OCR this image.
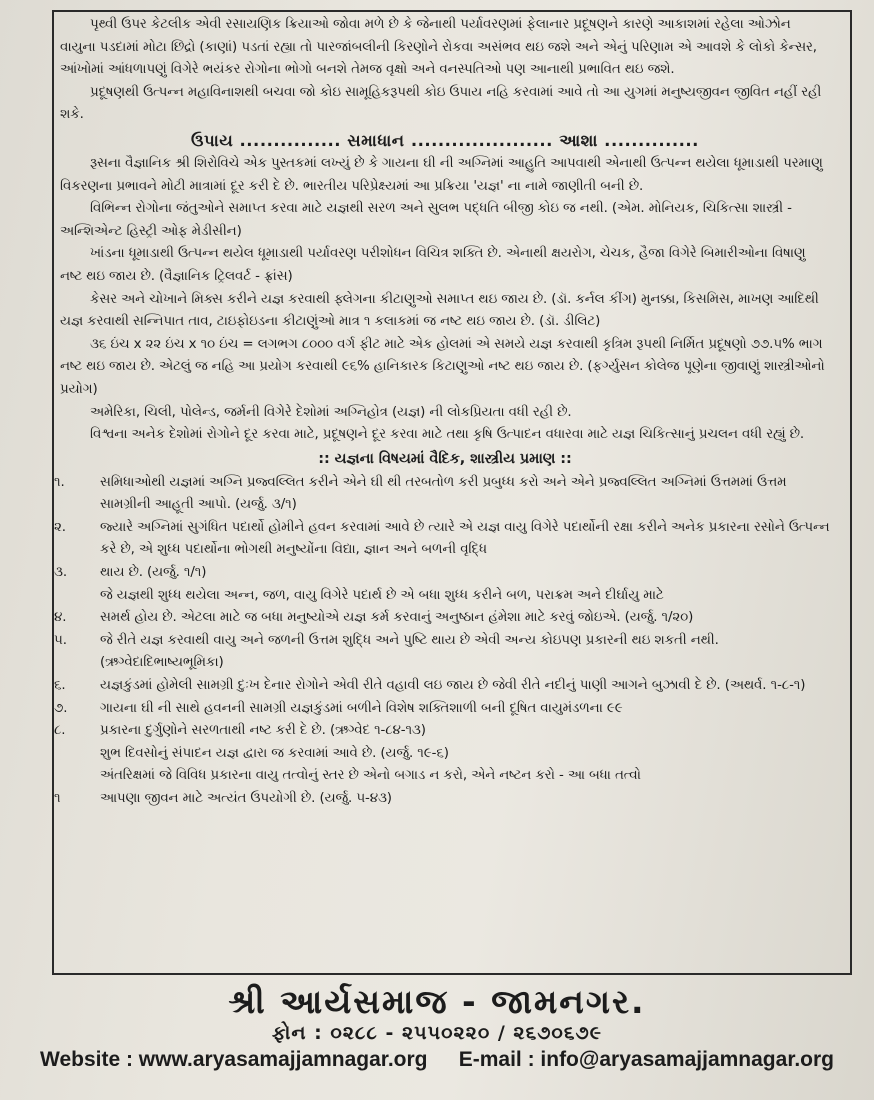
પૃથ્વી ઉપર કેટલીક એવી રસાયણિક ક્રિયાઓ જોવા મળે છે કે જેનાથી પર્યાવરણમાં ફેલાનાર પ્રદૂષણને કારણે આકાશમાં રહેલા ઓઝોન વાયુના પડદામાં મોટા છિદ્રો (કાણાં) પડતાં રહ્યા તો પારજાંબલીની કિરણોને રોકવા અસંભવ થઇ જશે અને એનું પરિણામ એ આવશે કે લોકો કેન્સર, આંખોમાં આંધળાપણું વિગેરે ભયંકર રોગોના ભોગો બનશે તેમજ વૃક્ષો અને વનસ્પતિઓ પણ આનાથી પ્રભાવિત થઇ જશે.

પ્રદૂષણથી ઉત્પન્ન મહાવિનાશથી બચવા જો કોઇ સામૂહિકરૂપથી કોઇ ઉપાય નહિ કરવામાં આવે તો આ યુગમાં મનુષ્યજીવન જીવિત નહીં રહી શકે.

ઉપાય ............... સમાધાન ..................... આશા ..............

રૂસના વૈજ્ઞાનિક શ્રી શિરોવિચે એક પુસ્તકમાં લખ્યું છે કે ગાયના ઘી ની અગ્નિમાં આહુતિ આપવાથી એનાથી ઉત્પન્ન થયેલા ધૂમાડાથી પરમાણુ વિકરણના પ્રભાવને મોટી માત્રામાં દૂર કરી દે છે. ભારતીય પરિપ્રેક્ષ્યમાં આ પ્રક્રિયા 'યજ્ઞ' ના નામે જાણીતી બની છે.

વિભિન્ન રોગોના જંતુઓને સમાપ્ત કરવા માટે યજ્ઞથી સરળ અને સુલભ પદ્ધતિ બીજી કોઇ જ નથી. (એમ. મોનિયક, ચિકિત્સા શાસ્ત્રી - અન્શિએન્ટ હિસ્ટ્રી ઓફ મેડીસીન)

ખાંડના ધૂમાડાથી ઉત્પન્ન થયેલ ધૂમાડાથી પર્યાવરણ પરીશોધન વિચિત્ર શક્તિ છે. એનાથી ક્ષયરોગ, ચેચક, હૈજા વિગેરે બિમારીઓના વિષાણુ નષ્ટ થઇ જાય છે. (વૈજ્ઞાનિક ટ્રિલવર્ટ - ફ્રાંસ)

કેસર અને ચોખાને મિક્સ કરીને યજ્ઞ કરવાથી ફ્લેગના કીટાણુઓ સમાપ્ત થઇ જાય છે. (ડૉ. કર્નલ કીંગ) મુનક્કા, કિસમિસ, માખણ આદિથી યજ્ઞ કરવાથી સન્નિપાત તાવ, ટાઇફોઇડના કીટાણુંઓ માત્ર ૧ કલાકમાં જ નષ્ટ થઇ જાય છે. (ડૉ. ડીલિટ)

૩૬ ઇંચ x ૨૨ ઇંચ x ૧૦ ઇંચ = લગભગ ૮૦૦૦ વર્ગ ફીટ માટે એક હોલમાં એ સમયે યજ્ઞ કરવાથી કૃત્રિમ રૂપથી નિર્મિત પ્રદૂષણો ૭૭.૫% ભાગ નષ્ટ થઇ જાય છે. એટલું જ નહિ આ પ્રયોગ કરવાથી ૯૬% હાનિકારક કિટાણુઓ નષ્ટ થઇ જાય છે. (ફર્ગ્યુસન કોલેજ પૂણેના જીવાણું શાસ્ત્રીઓનો પ્રયોગ)

અમેરિકા, ચિલી, પોલેન્ડ, જર્મની વિગેરે દેશોમાં અગ્નિહોત્ર (યજ્ઞ) ની લોકપ્રિયતા વધી રહી છે.

વિશ્વના અનેક દેશોમાં રોગોને દૂર કરવા માટે, પ્રદૂષણને દૂર કરવા માટે તથા કૃષિ ઉત્પાદન વધારવા માટે યજ્ઞ ચિકિત્સાનું પ્રચલન વધી રહ્યું છે.

:: યજ્ઞના વિષયમાં વૈદિક, શાસ્ત્રીય પ્રમાણ ::
૧.	સમિધાઓથી યજ્ઞમાં અગ્નિ પ્રજ્વલ્લિત કરીને એને ઘી થી તરબતોળ કરી પ્રબુધ્ધ કરો અને એને પ્રજ્વલ્લિત અગ્નિમાં ઉત્તમમાં ઉત્તમ સામગ્રીની આહૂતી આપો. (યર્જુ. ૩/૧)
૨.	જ્યારે અગ્નિમાં સુગંધિત પદાર્થો હોમીને હવન કરવામાં આવે છે ત્યારે એ યજ્ઞ વાયુ વિગેરે પદાર્થોની રક્ષા કરીને અનેક પ્રકારના રસોને ઉત્પન્ન કરે છે, એ શુધ્ધ પદાર્થોના ભોગથી મનુષ્યોંના વિદ્યા, જ્ઞાન અને બળની વૃદ્ધિ
૩.	થાય છે. (યર્જુ. ૧/૧)
જે યજ્ઞથી શુધ્ધ થયેલા અન્ન, જળ, વાયુ વિગેરે પદાર્થ છે એ બધા શુધ્ધ કરીને બળ, પરાક્રમ અને દીર્ઘાયુ માટે
૪.	સમર્થ હોય છે. એટલા માટે જ બધા મનુષ્યોએ યજ્ઞ કર્મ કરવાનું અનુષ્ઠાન હંમેશા માટે કરવું જોઇએ. (યર્જુ. ૧/૨૦)
૫.	જે રીતે યજ્ઞ કરવાથી વાયુ અને જળની ઉત્તમ શુદ્ધિ અને પુષ્ટિ થાય છે એવી અન્ય કોઇપણ પ્રકારની થઇ શકતી નથી. (ઋગ્વેદાદિભાષ્યભૂમિકા)
૬.	યજ્ઞકુંડમાં હોમેલી સામગ્રી દુઃખ દેનાર રોગોને એવી રીતે વહાવી લઇ જાય છે જેવી રીતે નદીનું પાણી આગને બુઝાવી દે છે. (અથર્વ. ૧-૮-૧)
૭.	ગાયના ઘી ની સાથે હવનની સામગ્રી યજ્ઞકુંડમાં બળીને વિશેષ શક્તિશાળી બની દૂષિત વાયુમંડળના ૯૯
૮.	પ્રકારના દુર્ગુણોને સરળતાથી નષ્ટ કરી દે છે. (ઋગ્વેદ ૧-૮૪-૧૩)
શુભ દિવસોનું સંપાદન યજ્ઞ દ્વારા જ કરવામાં આવે છે. (યર્જુ. ૧૯-૬)
અંતરિક્ષમાં જે વિવિધ પ્રકારના વાયુ તત્વોનું સ્તર છે એનો બગાડ ન કરો, એને નષ્ટન કરો - આ બધા તત્વો
૧	આપણા જીવન માટે અત્યંત ઉપયોગી છે. (યર્જુ. ૫-૪૩)
શ્રી આર્યસમાજ - જામનગર.
ફોન : ૦૨૮૮ - ૨૫૫૦૨૨૦ / ૨૬૭૦૬૭૯
Website : www.aryasamajjamnagar.org E-mail : info@aryasamajjamnagar.org
